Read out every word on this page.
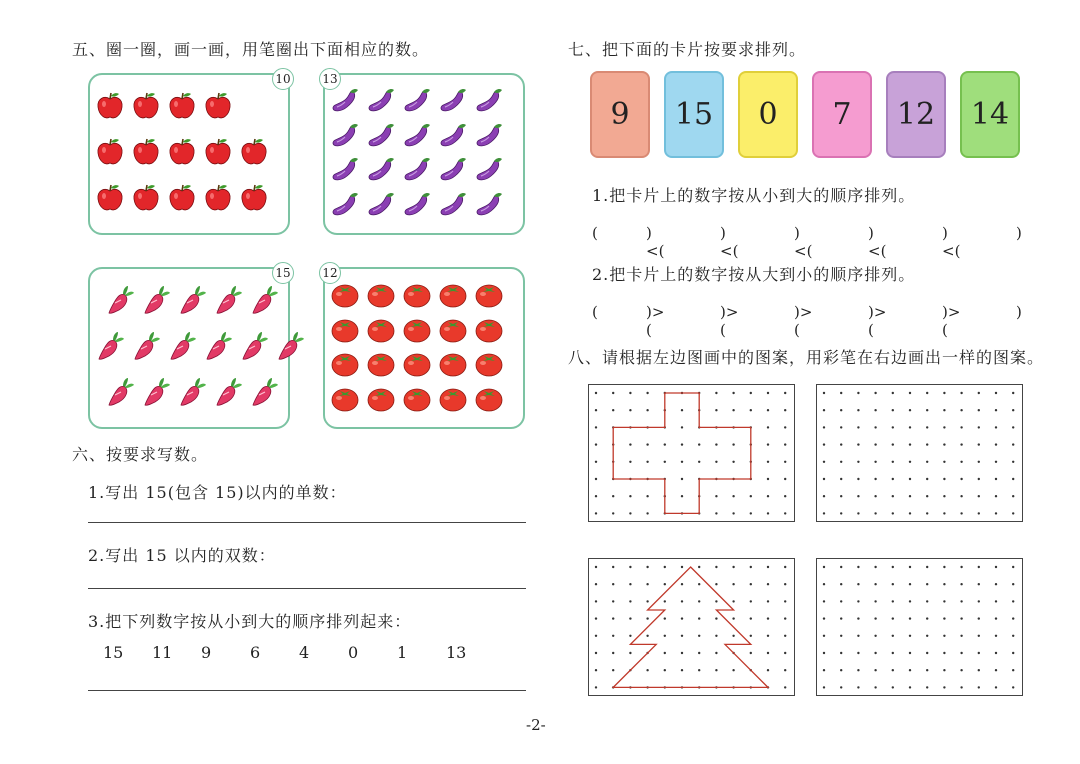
五、圈一圈，画一画，用笔圈出下面相应的数。
10	13
15	12
六、按要求写数。
1.写出 15(包含 15)以内的单数：
2.写出 15 以内的双数：
3.把下列数字按从小到大的顺序排列起来：
15 11 9 6 4 0 1 13
七、把下面的卡片按要求排列。
9	15	0	7	12	14
1.把卡片上的数字按从小到大的顺序排列。
(	)<(
)<(
)<(
)<(
)<(
)
2.把卡片上的数字按从大到小的顺序排列。
(	)>(
)>(
)>(
)>(
)>(
)
八、请根据左边图画中的图案，用彩笔在右边画出一样的图案。
-2-
